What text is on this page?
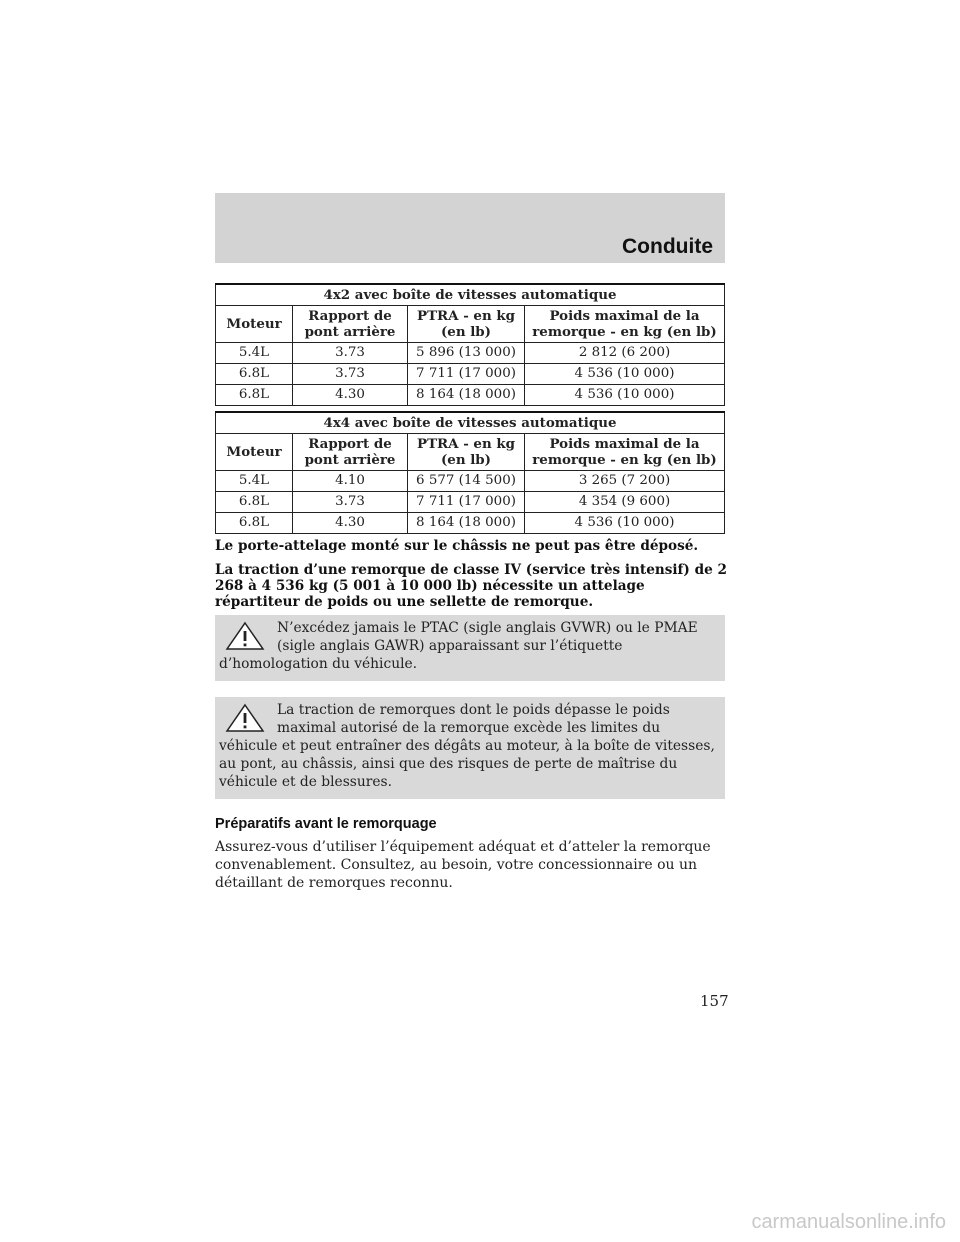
Conduite
4x2 avec boîte de vitesses automatique			
Moteur	Rapport de pont arrière	PTRA - en kg (en lb)	Poids maximal de la remorque - en kg (en lb)
5.4L	3.73	5 896 (13 000)	2 812 (6 200)
6.8L	3.73	7 711 (17 000)	4 536 (10 000)
6.8L	4.30	8 164 (18 000)	4 536 (10 000)
4x4 avec boîte de vitesses automatique			
Moteur	Rapport de pont arrière	PTRA - en kg (en lb)	Poids maximal de la remorque - en kg (en lb)
5.4L	4.10	6 577 (14 500)	3 265 (7 200)
6.8L	3.73	7 711 (17 000)	4 354 (9 600)
6.8L	4.30	8 164 (18 000)	4 536 (10 000)

Le porte-attelage monté sur le châssis ne peut pas être déposé.

La traction d’une remorque de classe IV (service très intensif) de 2 268 à 4 536 kg (5 001 à 10 000 lb) nécessite un attelage répartiteur de poids ou une sellette de remorque.

N’excédez jamais le PTAC (sigle anglais GVWR) ou le PMAE (sigle anglais GAWR) apparaissant sur l’étiquette d’homologation du véhicule.
La traction de remorques dont le poids dépasse le poids maximal autorisé de la remorque excède les limites du véhicule et peut entraîner des dégâts au moteur, à la boîte de vitesses, au pont, au châssis, ainsi que des risques de perte de maîtrise du véhicule et de blessures.
Préparatifs avant le remorquage

Assurez-vous d’utiliser l’équipement adéquat et d’atteler la remorque convenablement. Consultez, au besoin, votre concessionnaire ou un détaillant de remorques reconnu.

157
carmanualsonline.info
